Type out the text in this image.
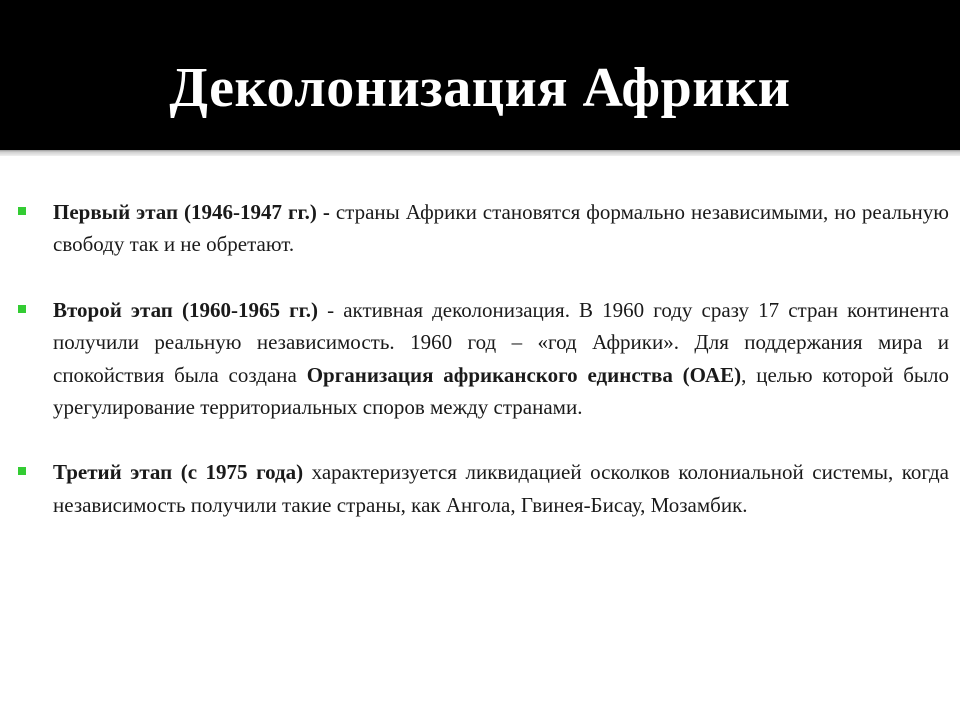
Деколонизация Африки
Первый этап (1946-1947 гг.) - страны Африки становятся формально независимыми, но реальную свободу так и не обретают.
Второй этап (1960-1965 гг.) - активная деколонизация. В 1960 году сразу 17 стран континента получили реальную независимость. 1960 год – «год Африки». Для поддержания мира и спокойствия была создана Организация африканского единства (ОАЕ), целью которой было урегулирование территориальных споров между странами.
Третий этап (с 1975 года) характеризуется ликвидацией осколков колониальной системы, когда независимость получили такие страны, как Ангола, Гвинея-Бисау, Мозамбик.
